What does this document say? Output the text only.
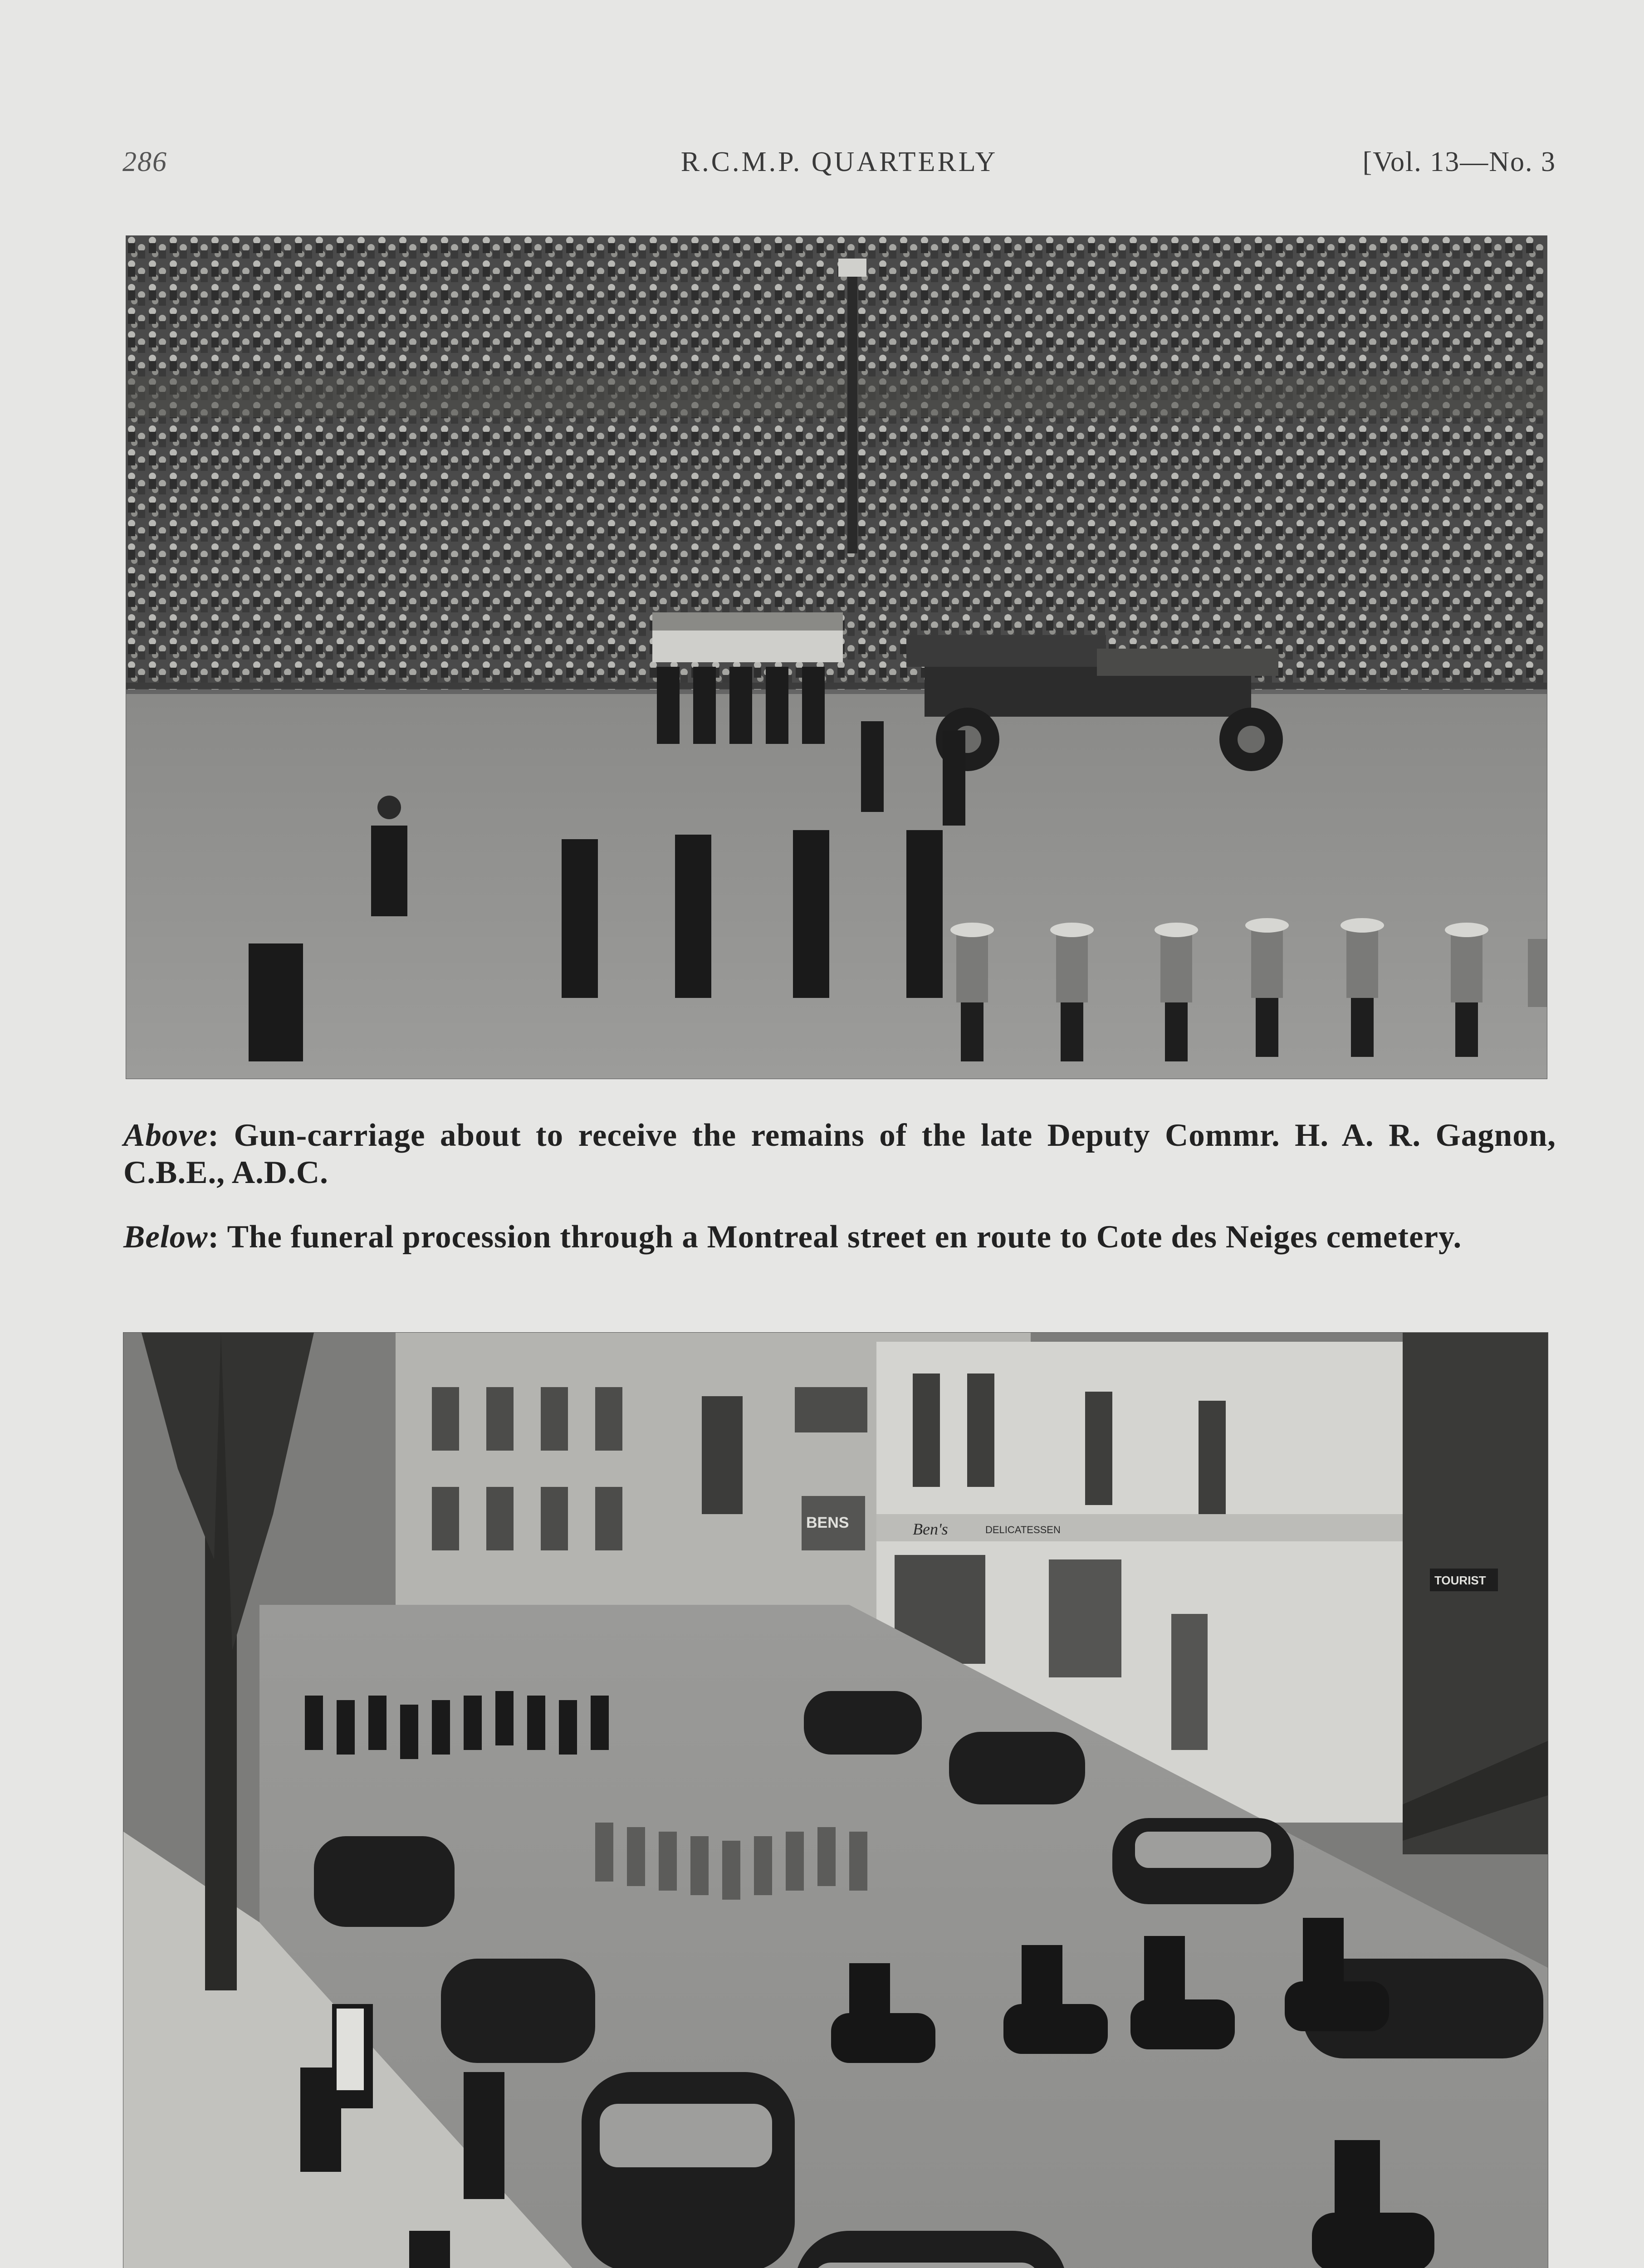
286	R.C.M.P. QUARTERLY	[Vol. 13—No. 3
Above: Gun-carriage about to receive the remains of the late Deputy Commr. H. A. R. Gagnon, C.B.E., A.D.C.
Below: The funeral procession through a Montreal street en route to Cote des Neiges cemetery.
Ben's	DELICATESSEN
BENS
TOURIST
